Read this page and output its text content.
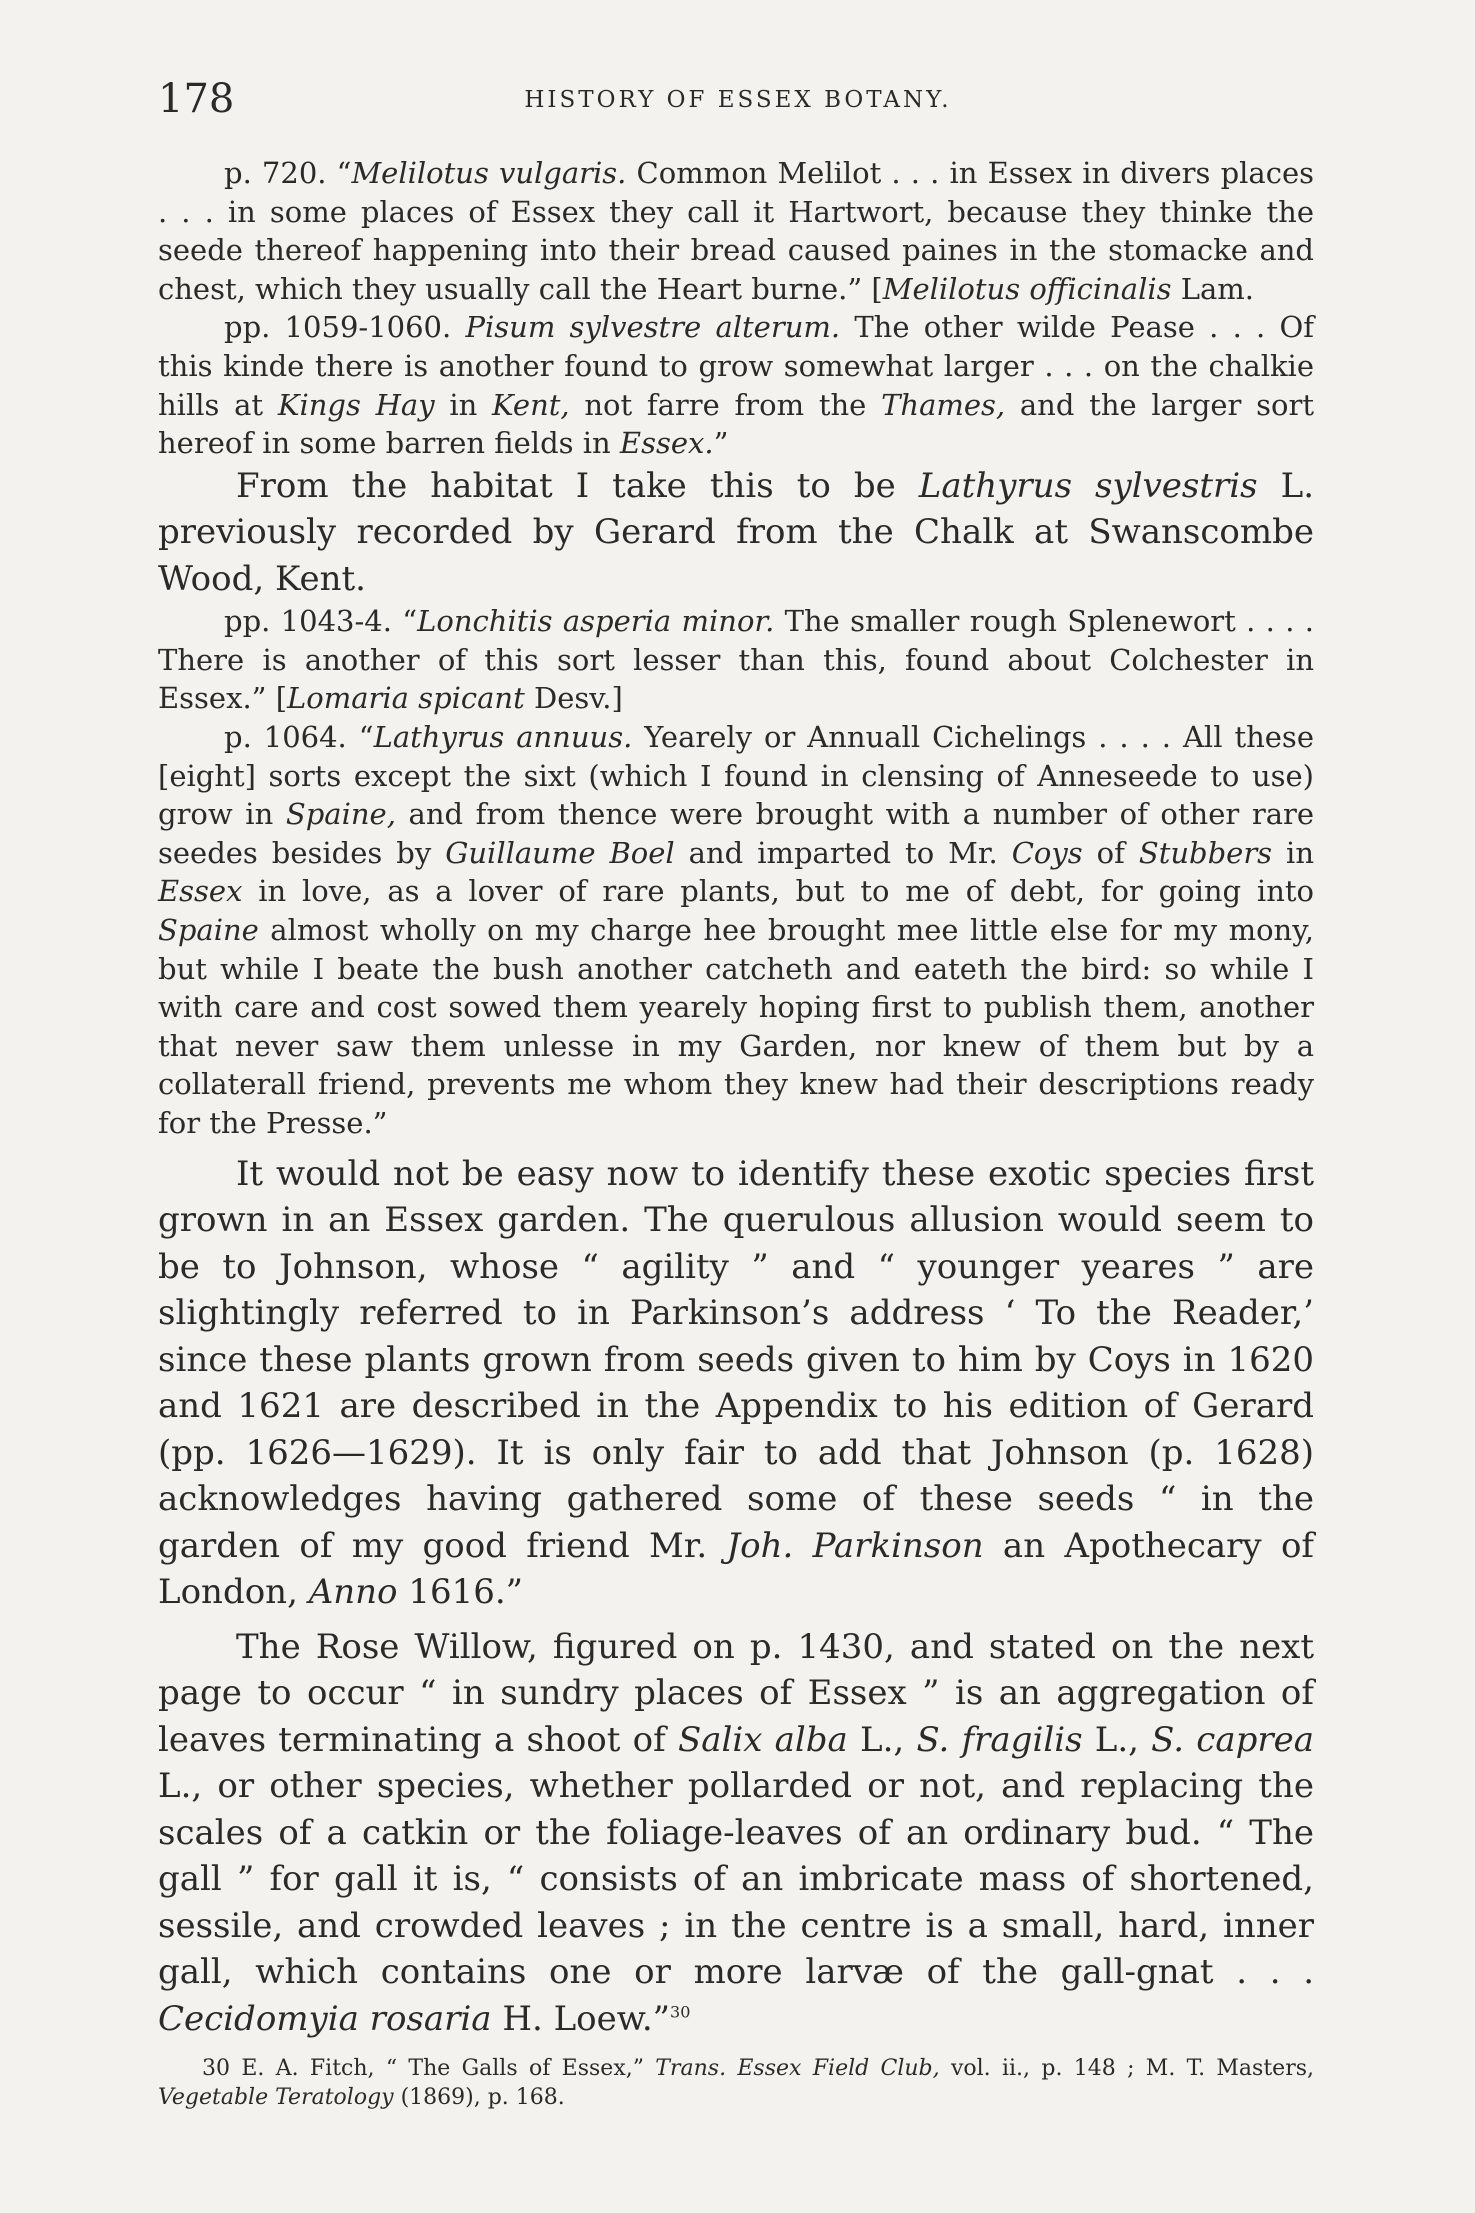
178	HISTORY OF ESSEX BOTANY.

p. 720. “Melilotus vulgaris. Common Melilot . . . in Essex in divers places . . . in some places of Essex they call it Hartwort, because they thinke the seede thereof happening into their bread caused paines in the stomacke and chest, which they usually call the Heart burne.” [Melilotus officinalis Lam.

pp. 1059-1060. Pisum sylvestre alterum. The other wilde Pease . . . Of this kinde there is another found to grow somewhat larger . . . on the chalkie hills at Kings Hay in Kent, not farre from the Thames, and the larger sort hereof in some barren fields in Essex.”

From the habitat I take this to be Lathyrus sylvestris L. previously recorded by Gerard from the Chalk at Swanscombe Wood, Kent.

pp. 1043-4. “Lonchitis asperia minor. The smaller rough Splenewort . . . . There is another of this sort lesser than this, found about Colchester in Essex.” [Lomaria spicant Desv.]

p. 1064. “Lathyrus annuus. Yearely or Annuall Cichelings . . . . All these [eight] sorts except the sixt (which I found in clensing of Anneseede to use) grow in Spaine, and from thence were brought with a number of other rare seedes besides by Guillaume Boel and imparted to Mr. Coys of Stubbers in Essex in love, as a lover of rare plants, but to me of debt, for going into Spaine almost wholly on my charge hee brought mee little else for my mony, but while I beate the bush another catcheth and eateth the bird: so while I with care and cost sowed them yearely hoping first to publish them, another that never saw them unlesse in my Garden, nor knew of them but by a collaterall friend, prevents me whom they knew had their descriptions ready for the Presse.”

It would not be easy now to identify these exotic species first grown in an Essex garden. The querulous allusion would seem to be to Johnson, whose “ agility ” and “ younger yeares ” are slightingly referred to in Parkinson’s address ‘ To the Reader,’ since these plants grown from seeds given to him by Coys in 1620 and 1621 are described in the Appendix to his edition of Gerard (pp. 1626—1629). It is only fair to add that Johnson (p. 1628) acknowledges having gathered some of these seeds “ in the garden of my good friend Mr. Joh. Parkinson an Apothecary of London, Anno 1616.”

The Rose Willow, figured on p. 1430, and stated on the next page to occur “ in sundry places of Essex ” is an aggregation of leaves terminating a shoot of Salix alba L., S. fragilis L., S. caprea L., or other species, whether pollarded or not, and replacing the scales of a catkin or the foliage-leaves of an ordinary bud. “ The gall ” for gall it is, “ consists of an imbricate mass of shortened, sessile, and crowded leaves ; in the centre is a small, hard, inner gall, which contains one or more larvæ of the gall-gnat . . . Cecidomyia rosaria H. Loew.”$^{30}$

30 E. A. Fitch, “ The Galls of Essex,” Trans. Essex Field Club, vol. ii., p. 148 ; M. T. Masters, Vegetable Teratology (1869), p. 168.
